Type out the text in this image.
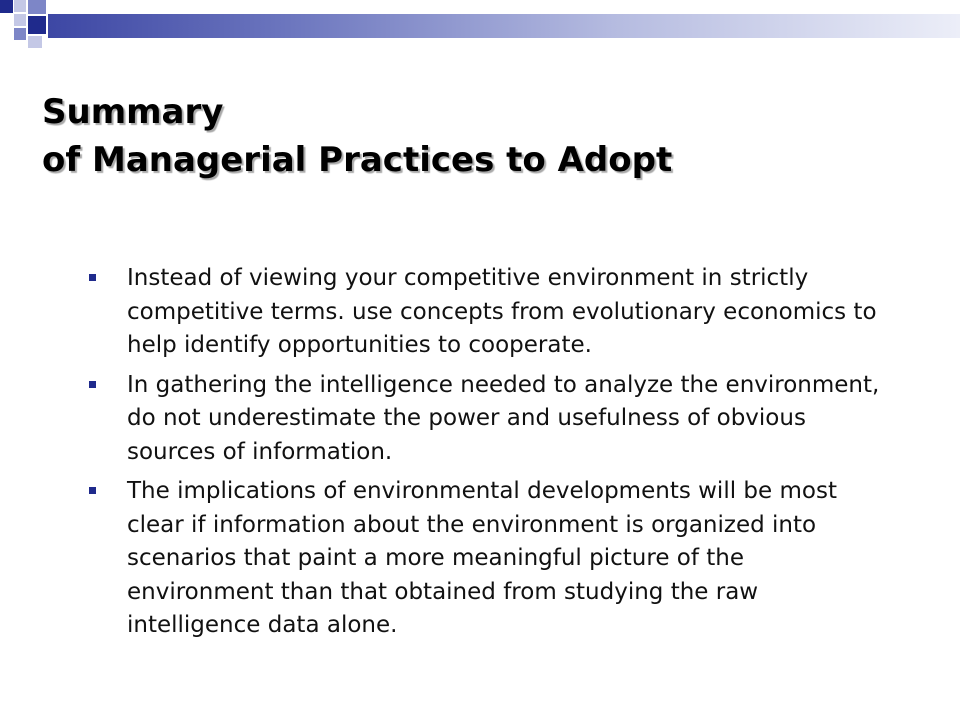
Summary
of Managerial Practices to Adopt
Instead of viewing your competitive environment in strictly competitive terms. use concepts from evolutionary economics to help identify opportunities to cooperate.
In gathering the intelligence needed to analyze the environment, do not underestimate the power and usefulness of obvious sources of information.
The implications of environmental developments will be most clear if information about the environment is organized into scenarios that paint a more meaningful picture of the environment than that obtained from studying the raw intelligence data alone.
